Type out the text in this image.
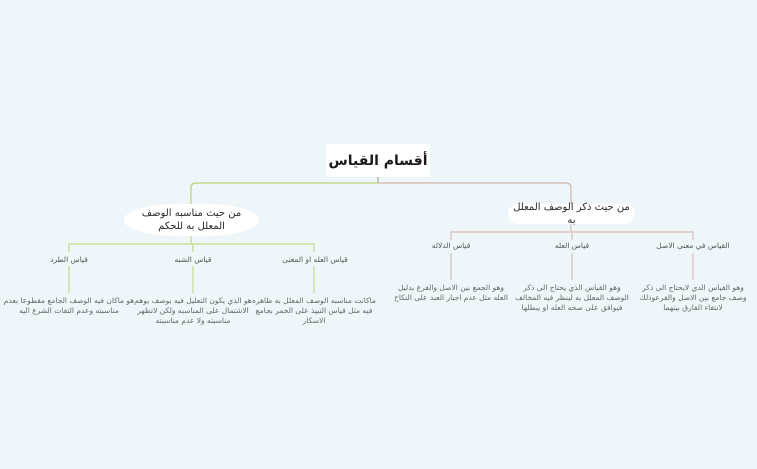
أقسام القياس
من حيث ذكر الوصف المعلل به
القياس في معنى الاصل
قياس العله
قياس الدلاله
وهو القياس الذي لايحتاج الى ذكر وصف جامع بين الاصل والفرعوذلك لانتفاء الفارق بينهما
وهو القياس الذي يحتاج الى ذكر الوصف المعلل به لينظر فيه المخالف فيوافق على صحه العله او يبطلها
وهو الجمع بين الاصل والفرع بدليل العله مثل عدم اجبار العبد على النكاح
من حيث مناسبه الوصف المعلل به للحكم
قياس العله او المعنى
قياس الشبه
قياس الطرد
ماكانت مناسبه الوصف المعلل به ظاهره فيه مثل قياس النبيذ على الخمر بجامع الاسكار
هو الذي يكون التعليل فيه بوصف يوهم الاشتمال على المناسبه ولكن لاتظهر مناسبته ولا عدم مناسبته
هو ماكان فيه الوصف الجامع مقطوعا بعدم مناسبته وعدم التفات الشرع اليه
